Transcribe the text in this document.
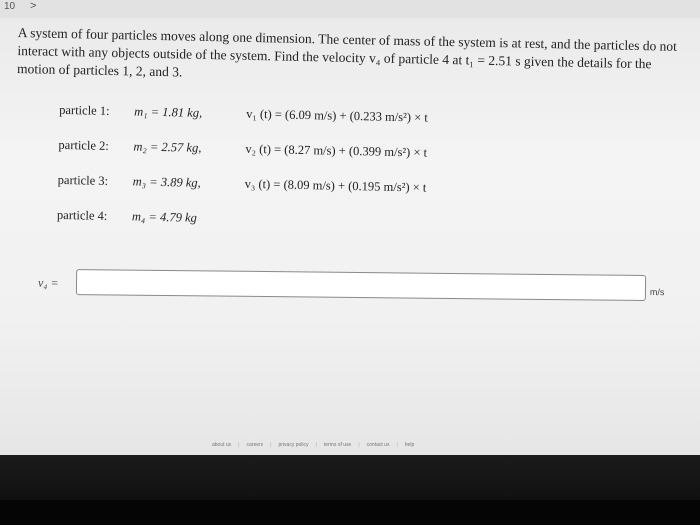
10 >

A system of four particles moves along one dimension. The center of mass of the system is at rest, and the particles do not interact with any objects outside of the system. Find the velocity v₄ of particle 4 at t₁ = 2.51 s given the details for the motion of particles 1, 2, and 3.

particle 1: m₁ = 1.81 kg,	v₁ (t) = (6.09 m/s) + (0.233 m/s²) × t
particle 2: m₂ = 2.57 kg,	v₂ (t) = (8.27 m/s) + (0.399 m/s²) × t
particle 3: m₃ = 3.89 kg,	v₃ (t) = (8.09 m/s) + (0.195 m/s²) × t
particle 4: m₄ = 4.79 kg
v₄ =
m/s
about us | careers | privacy policy | terms of use | contact us | help
